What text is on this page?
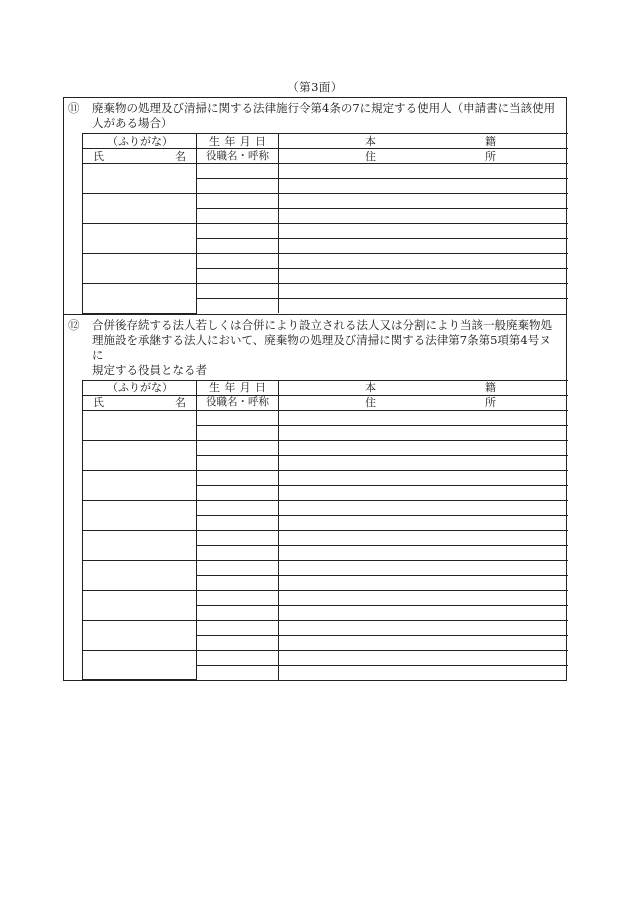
（第3面）
⑪	廃棄物の処理及び清掃に関する法律施行令第4条の7に規定する使用人（申請書に当該使用
人がある場合）
（ふりがな）	生 年 月 日	本 籍

氏 名	役職名・呼称	住 所

⑫	合併後存続する法人若しくは合併により設立される法人又は分割により当該一般廃棄物処
理施設を承継する法人において、廃棄物の処理及び清掃に関する法律第7条第5項第4号ヌに
規定する役員となる者
（ふりがな）	生 年 月 日	本 籍

氏 名	役職名・呼称	住 所
